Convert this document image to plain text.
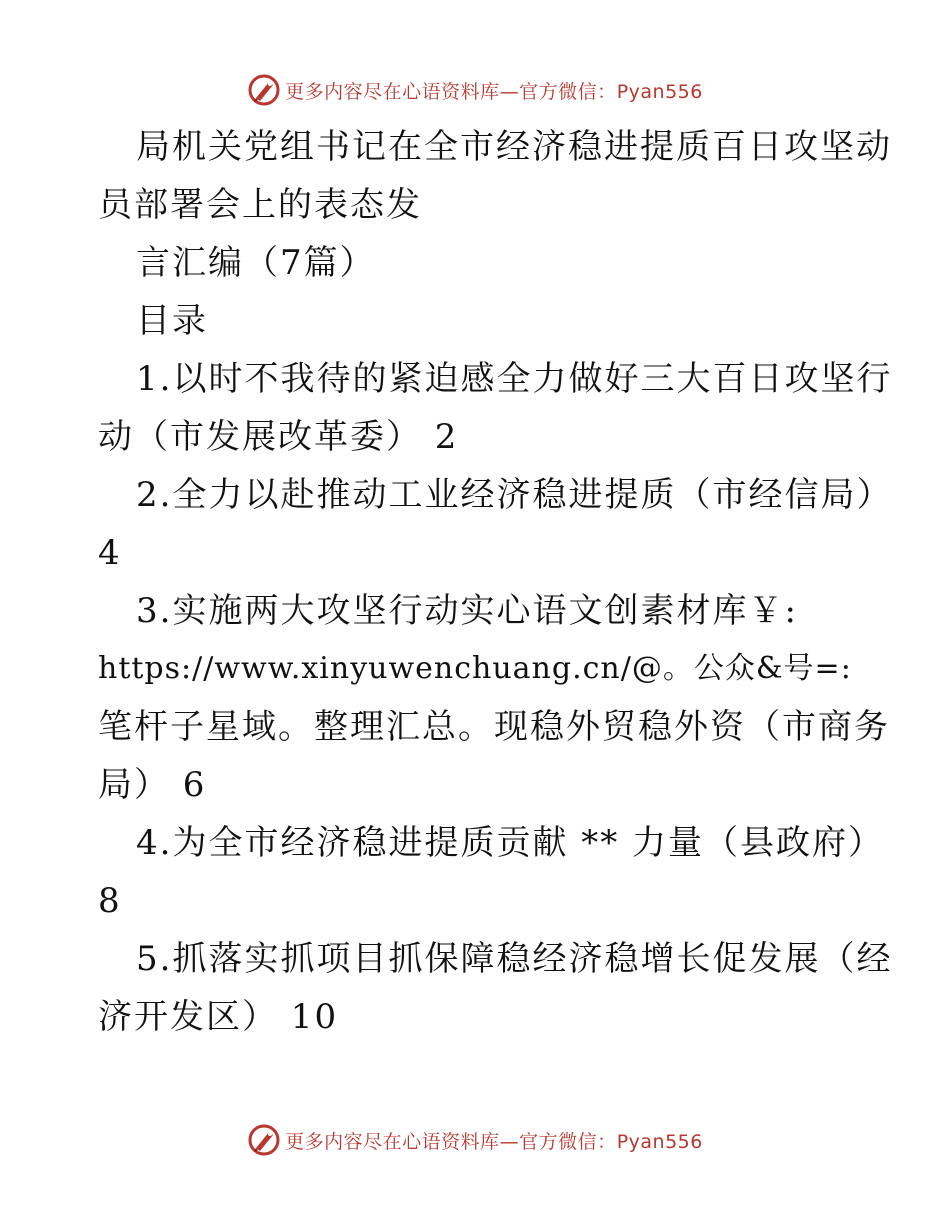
更多内容尽在心语资料库—官方微信：Pyan556
局机关党组书记在全市经济稳进提质百日攻坚动
员部署会上的表态发
言汇编（7篇）
目录
1.以时不我待的紧迫感全力做好三大百日攻坚行
动（市发展改革委） 2
2.全力以赴推动工业经济稳进提质（市经信局）
4
3.实施两大攻坚行动实心语文创素材库￥:
https://www.xinyuwenchuang.cn/@。公众&号=:
笔杆子星域。整理汇总。现稳外贸稳外资（市商务
局） 6
4.为全市经济稳进提质贡献 ** 力量（县政府）
8
5.抓落实抓项目抓保障稳经济稳增长促发展（经
济开发区） 10
更多内容尽在心语资料库—官方微信：Pyan556
